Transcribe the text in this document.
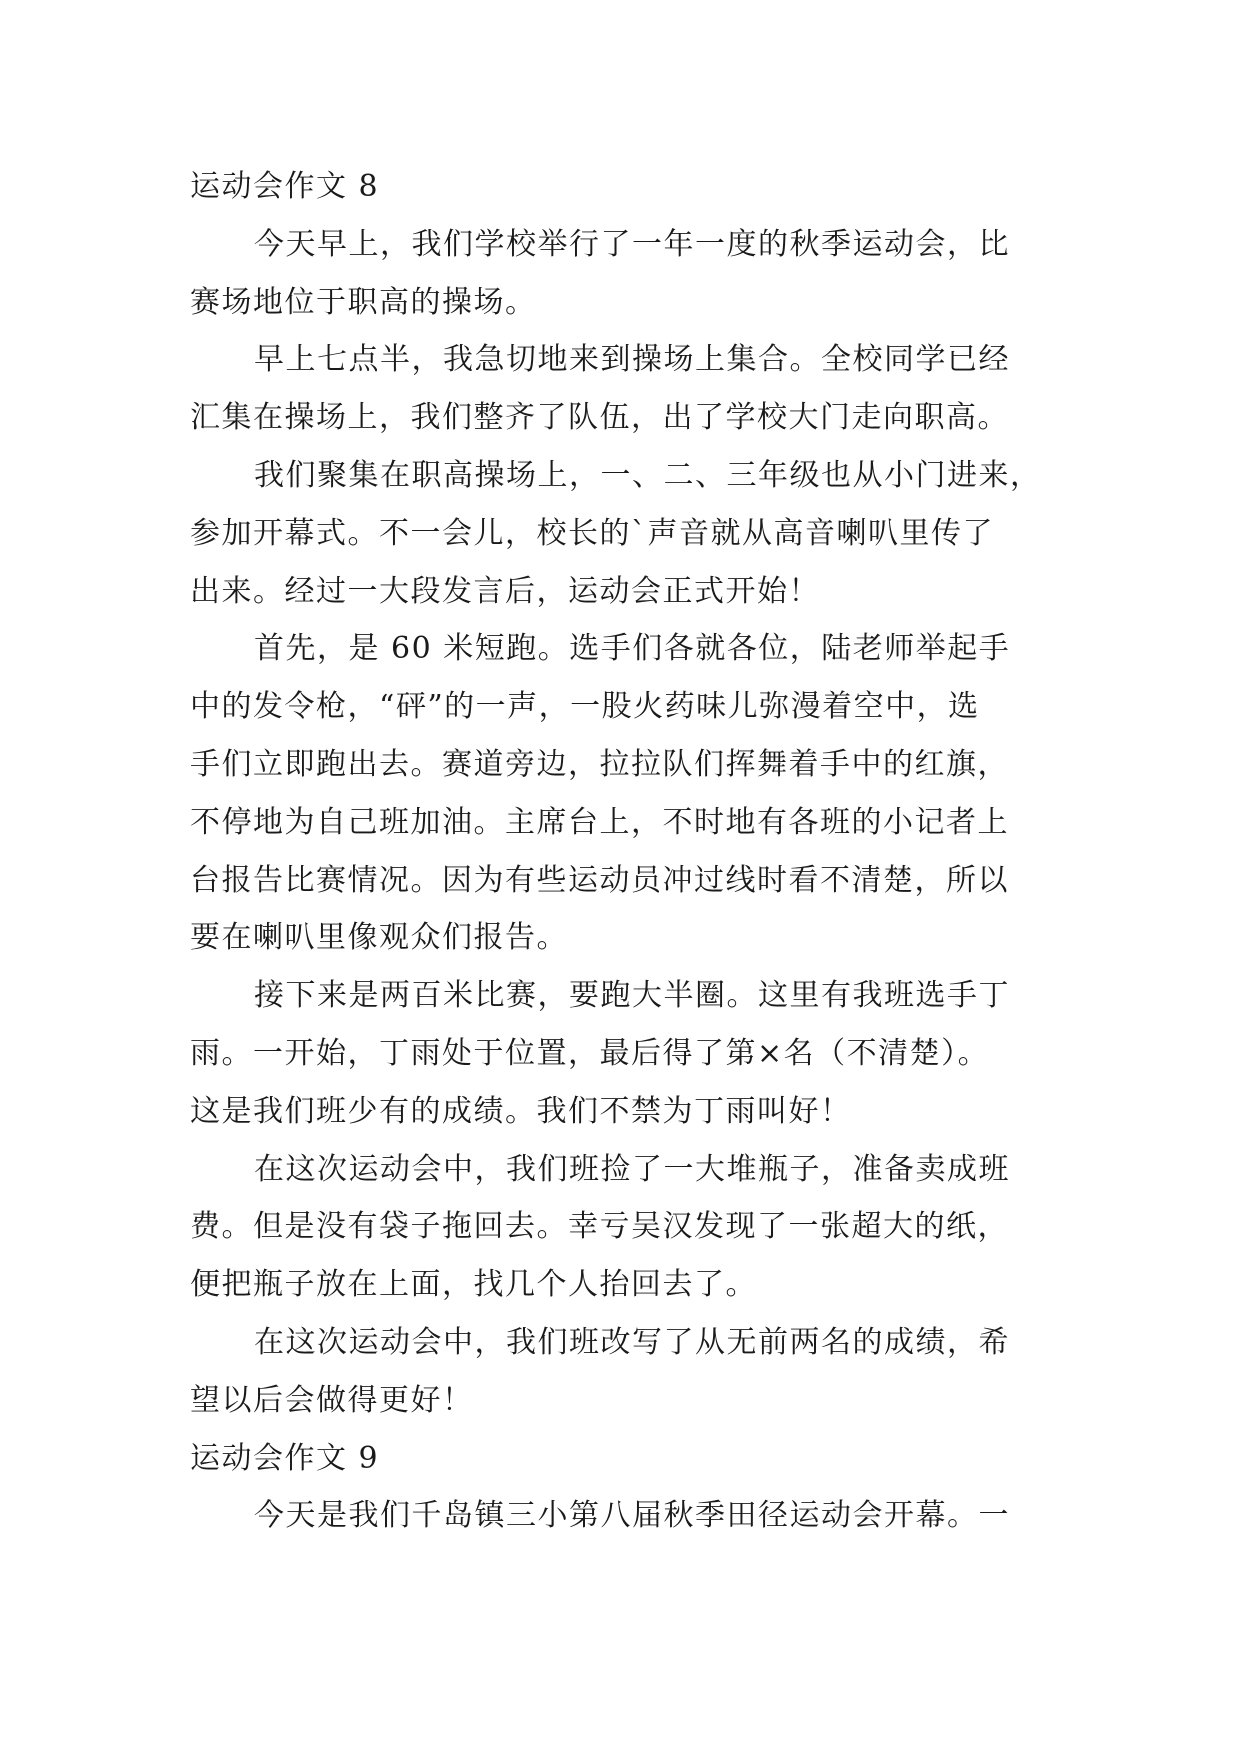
运动会作文 8
今天早上，我们学校举行了一年一度的秋季运动会，比
赛场地位于职高的操场。
早上七点半，我急切地来到操场上集合。全校同学已经
汇集在操场上，我们整齐了队伍，出了学校大门走向职高。
我们聚集在职高操场上，一、二、三年级也从小门进来，
参加开幕式。不一会儿，校长的`声音就从高音喇叭里传了
出来。经过一大段发言后，运动会正式开始！
首先，是 60 米短跑。选手们各就各位，陆老师举起手
中的发令枪，“砰”的一声，一股火药味儿弥漫着空中，选
手们立即跑出去。赛道旁边，拉拉队们挥舞着手中的红旗，
不停地为自己班加油。主席台上，不时地有各班的小记者上
台报告比赛情况。因为有些运动员冲过线时看不清楚，所以
要在喇叭里像观众们报告。
接下来是两百米比赛，要跑大半圈。这里有我班选手丁
雨。一开始，丁雨处于位置，最后得了第×名（不清楚）。
这是我们班少有的成绩。我们不禁为丁雨叫好！
在这次运动会中，我们班捡了一大堆瓶子，准备卖成班
费。但是没有袋子拖回去。幸亏吴汉发现了一张超大的纸，
便把瓶子放在上面，找几个人抬回去了。
在这次运动会中，我们班改写了从无前两名的成绩，希
望以后会做得更好！
运动会作文 9
今天是我们千岛镇三小第八届秋季田径运动会开幕。一
